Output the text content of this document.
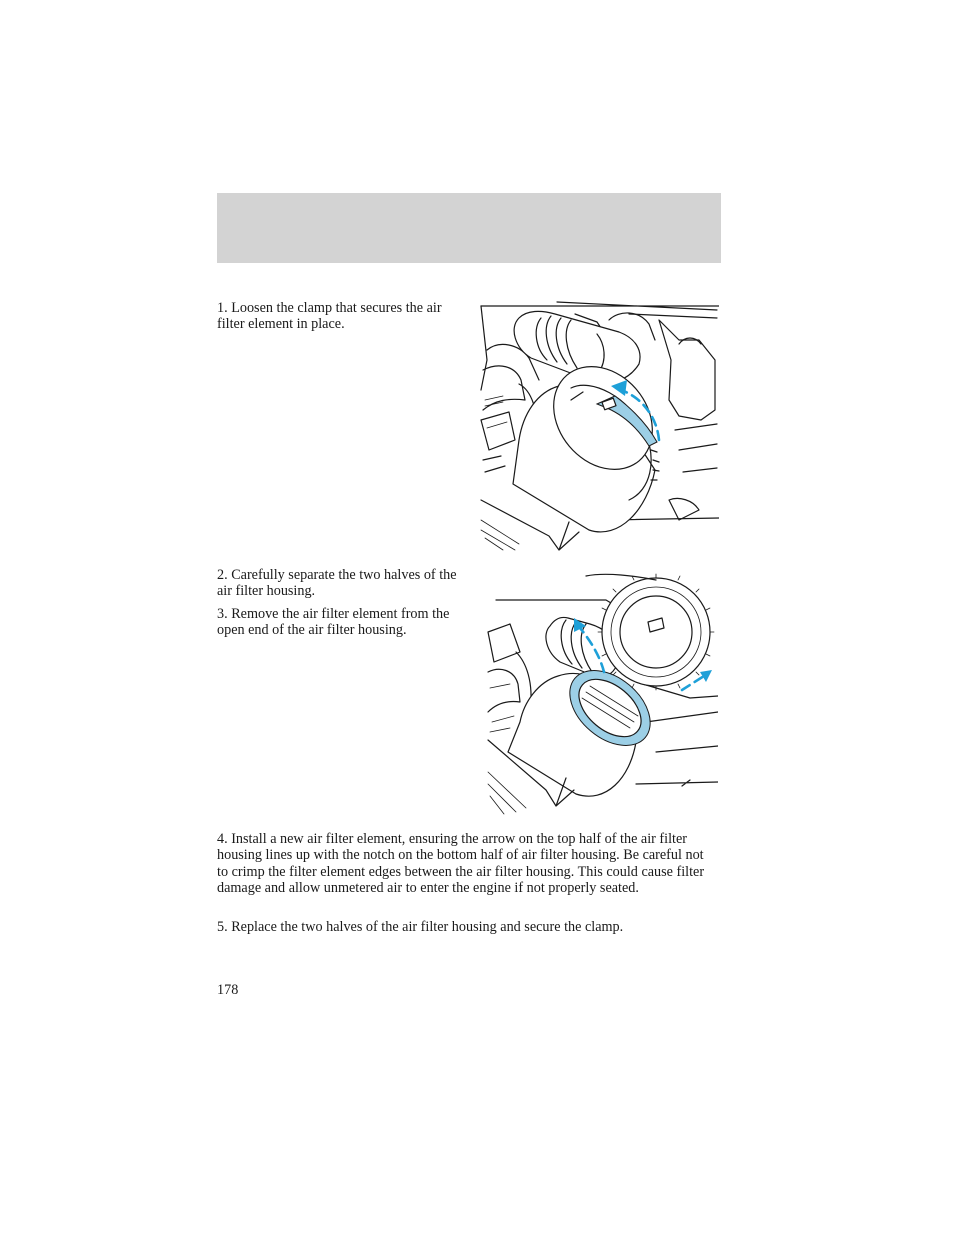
1. Loosen the clamp that secures the air filter element in place.
2. Carefully separate the two halves of the air filter housing.
3. Remove the air filter element from the open end of the air filter housing.
4. Install a new air filter element, ensuring the arrow on the top half of the air filter housing lines up with the notch on the bottom half of air filter housing. Be careful not to crimp the filter element edges between the air filter housing. This could cause filter damage and allow unmetered air to enter the engine if not properly seated.
5. Replace the two halves of the air filter housing and secure the clamp.
178
